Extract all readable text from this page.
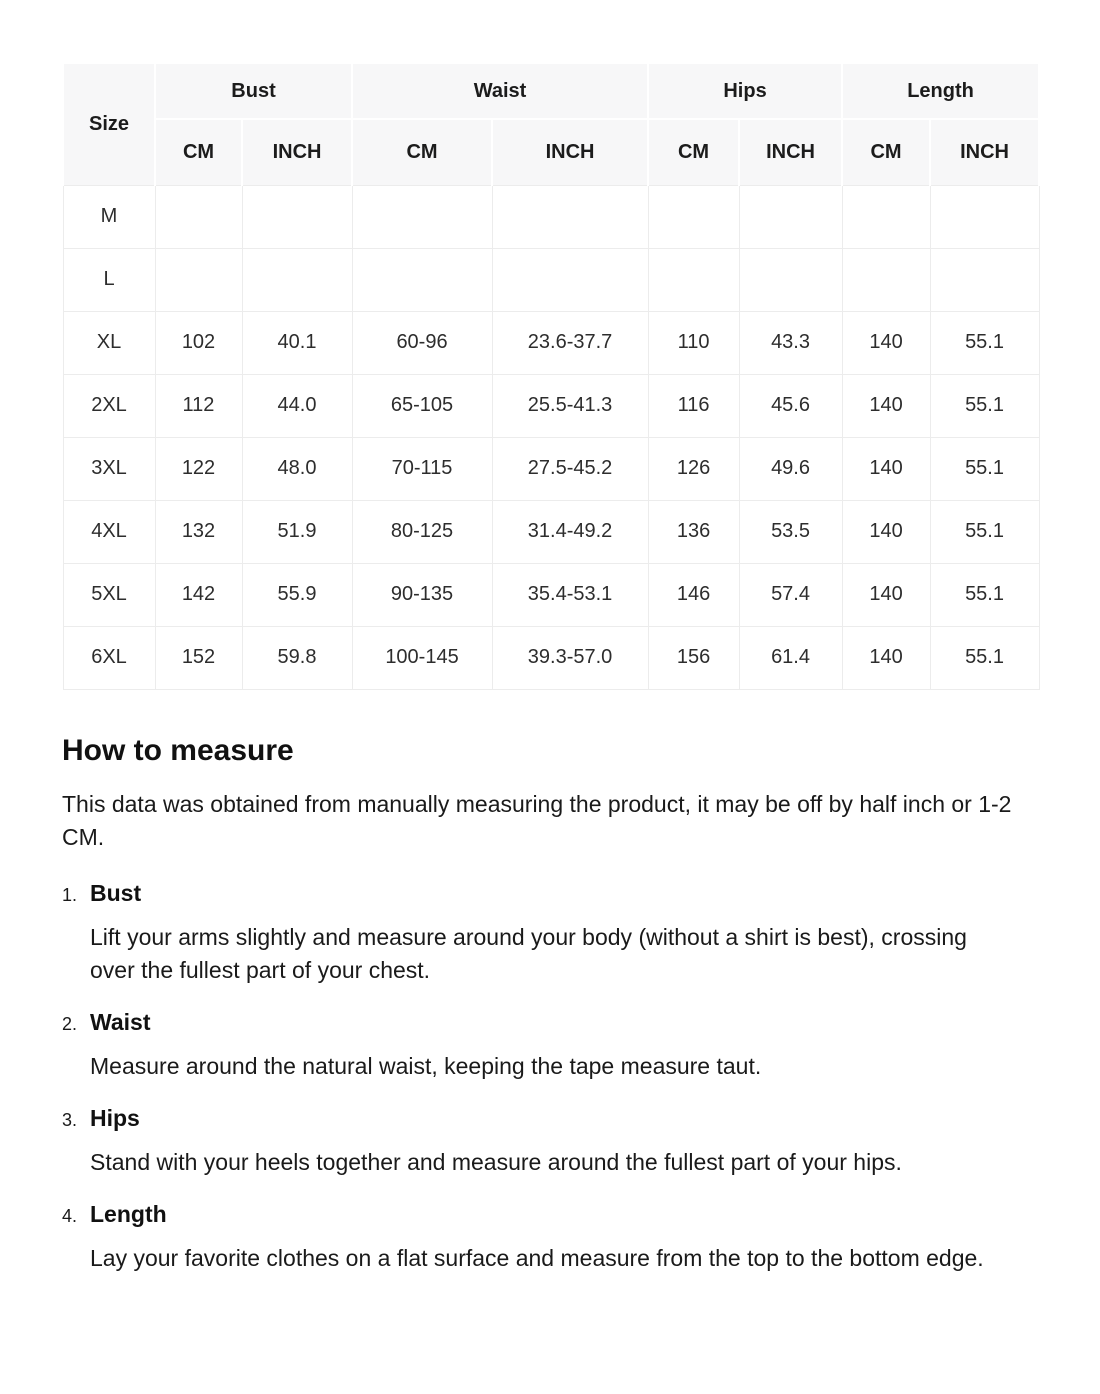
Size	Bust		Waist		Hips		Length	
	CM	INCH	CM	INCH	CM	INCH	CM	INCH
M								
L								
XL	102	40.1	60-96	23.6-37.7	110	43.3	140	55.1
2XL	112	44.0	65-105	25.5-41.3	116	45.6	140	55.1
3XL	122	48.0	70-115	27.5-45.2	126	49.6	140	55.1
4XL	132	51.9	80-125	31.4-49.2	136	53.5	140	55.1
5XL	142	55.9	90-135	35.4-53.1	146	57.4	140	55.1
6XL	152	59.8	100-145	39.3-57.0	156	61.4	140	55.1
How to measure

This data was obtained from manually measuring the product, it may be off by half inch or 1-2 CM.

1. Bust

Lift your arms slightly and measure around your body (without a shirt is best), crossing over the fullest part of your chest.

2. Waist

Measure around the natural waist, keeping the tape measure taut.

3. Hips

Stand with your heels together and measure around the fullest part of your hips.

4. Length

Lay your favorite clothes on a flat surface and measure from the top to the bottom edge.
